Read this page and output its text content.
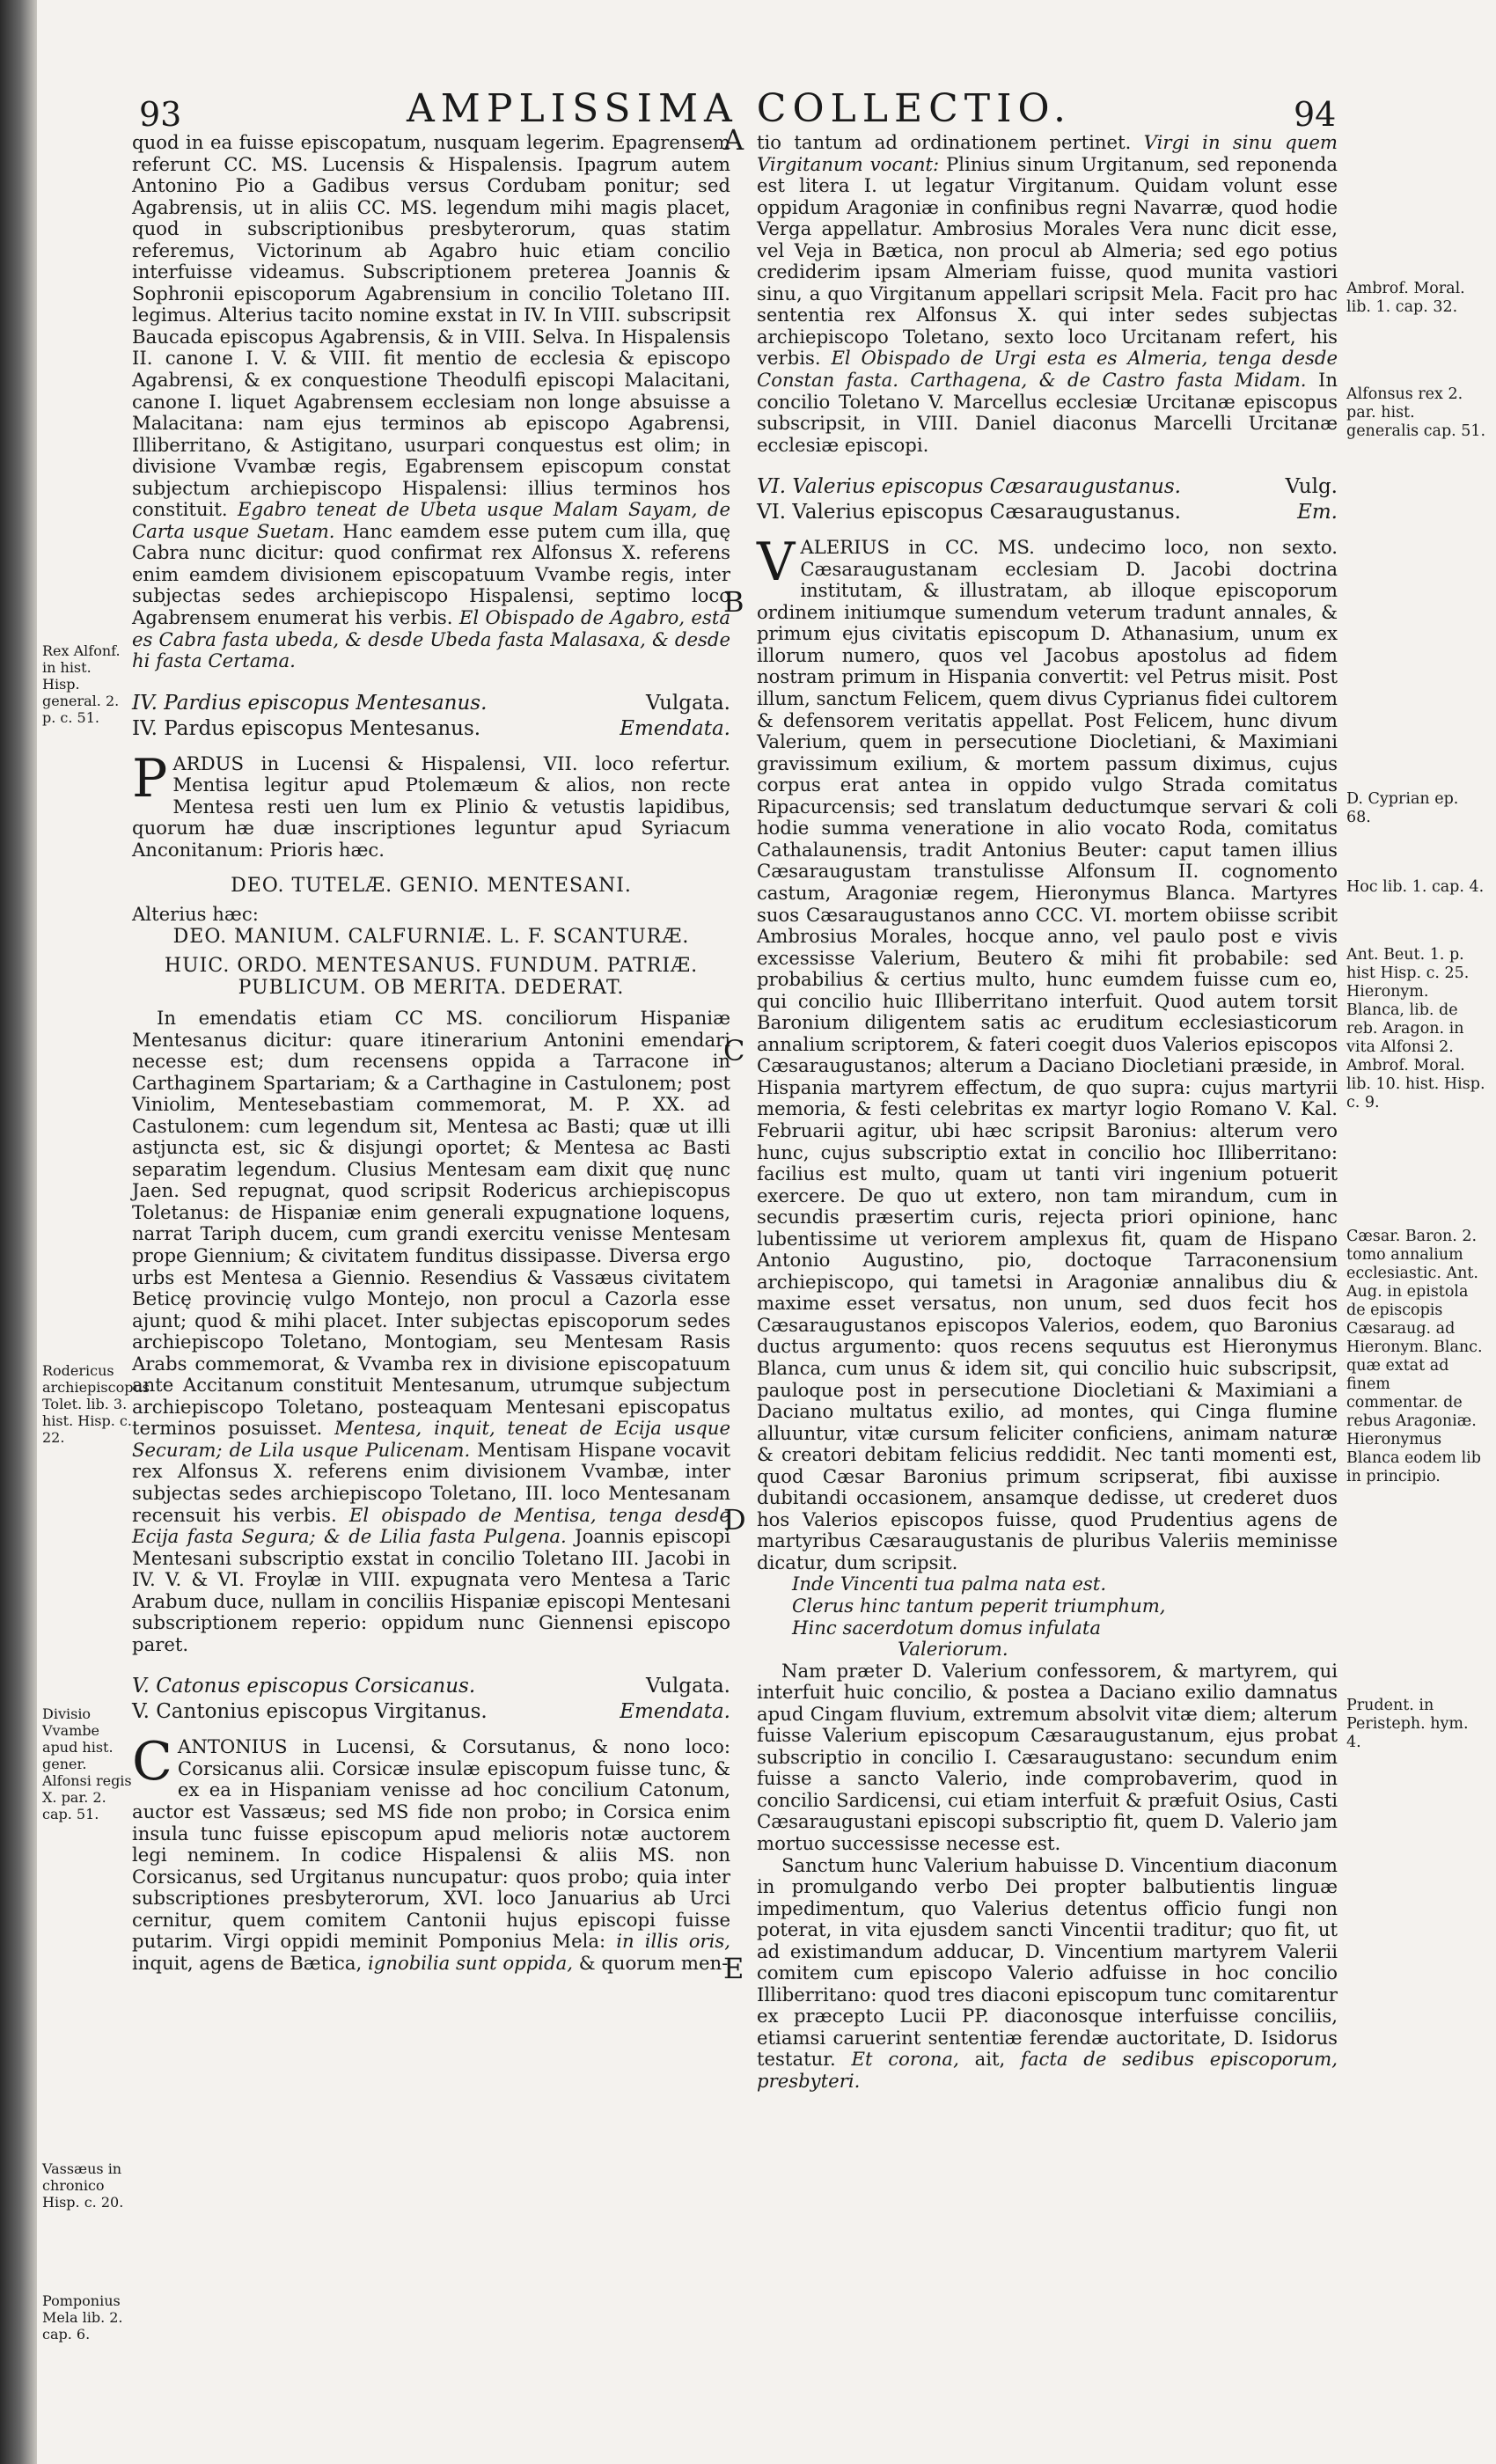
93	AMPLISSIMA COLLECTIO.	94
A
B
C
D
E

quod in ea fuisse episcopatum, nusquam legerim. Epagrensem referunt CC. MS. Lucensis & Hispalensis. Ipagrum autem Antonino Pio a Gadibus versus Cordubam ponitur; sed Agabrensis, ut in aliis CC. MS. legendum mihi magis placet, quod in subscriptionibus presbyterorum, quas statim referemus, Victorinum ab Agabro huic etiam concilio interfuisse videamus. Subscriptionem preterea Joannis & Sophronii episcoporum Agabrensium in concilio Toletano III. legimus. Alterius tacito nomine exstat in IV. In VIII. subscripsit Baucada episcopus Agabrensis, & in VIII. Selva. In Hispalensis II. canone I. V. & VIII. fit mentio de ecclesia & episcopo Agabrensi, & ex conquestione Theodulfi episcopi Malacitani, canone I. liquet Agabrensem ecclesiam non longe absuisse a Malacitana: nam ejus terminos ab episcopo Agabrensi, Illiberritano, & Astigitano, usurpari conquestus est olim; in divisione Vvambæ regis, Egabrensem episcopum constat subjectum archiepiscopo Hispalensi: illius terminos hos constituit. Egabro teneat de Ubeta usque Malam Sayam, de Carta usque Suetam. Hanc eamdem esse putem cum illa, quę Cabra nunc dicitur: quod confirmat rex Alfonsus X. referens enim eamdem divisionem episcopatuum Vvambe regis, inter subjectas sedes archiepiscopo Hispalensi, septimo loco Agabrensem enumerat his verbis. El Obispado de Agabro, esta es Cabra fasta ubeda, & desde Ubeda fasta Malasaxa, & desde hi fasta Certama.

IV. Pardius episcopus Mentesanus.	Vulgata.

IV. Pardus episcopus Mentesanus.	Emendata.

PARDUS in Lucensi & Hispalensi, VII. loco refertur. Mentisa legitur apud Ptolemæum & alios, non recte Mentesa resti uen lum ex Plinio & vetustis lapidibus, quorum hæ duæ inscriptiones leguntur apud Syriacum Anconitanum: Prioris hæc.

DEO. TUTELÆ. GENIO. MENTESANI.

Alterius hæc:

DEO. MANIUM. CALFURNIÆ. L. F. SCANTURÆ.

HUIC. ORDO. MENTESANUS. FUNDUM. PATRIÆ. PUBLICUM. OB MERITA. DEDERAT.

In emendatis etiam CC MS. conciliorum Hispaniæ Mentesanus dicitur: quare itinerarium Antonini emendari necesse est; dum recensens oppida a Tarracone in Carthaginem Spartariam; & a Carthagine in Castulonem; post Viniolim, Mentesebastiam commemorat, M. P. XX. ad Castulonem: cum legendum sit, Mentesa ac Basti; quæ ut illi astjuncta est, sic & disjungi oportet; & Mentesa ac Basti separatim legendum. Clusius Mentesam eam dixit quę nunc Jaen. Sed repugnat, quod scripsit Rodericus archiepiscopus Toletanus: de Hispaniæ enim generali expugnatione loquens, narrat Tariph ducem, cum grandi exercitu venisse Mentesam prope Giennium; & civitatem funditus dissipasse. Diversa ergo urbs est Mentesa a Giennio. Resendius & Vassæus civitatem Beticę provincię vulgo Montejo, non procul a Cazorla esse ajunt; quod & mihi placet. Inter subjectas episcoporum sedes archiepiscopo Toletano, Montogiam, seu Mentesam Rasis Arabs commemorat, & Vvamba rex in divisione episcopatuum ante Accitanum constituit Mentesanum, utrumque subjectum archiepiscopo Toletano, posteaquam Mentesani episcopatus terminos posuisset. Mentesa, inquit, teneat de Ecija usque Securam; de Lila usque Pulicenam. Mentisam Hispane vocavit rex Alfonsus X. referens enim divisionem Vvambæ, inter subjectas sedes archiepiscopo Toletano, III. loco Mentesanam recensuit his verbis. El obispado de Mentisa, tenga desde Ecija fasta Segura; & de Lilia fasta Pulgena. Joannis episcopi Mentesani subscriptio exstat in concilio Toletano III. Jacobi in IV. V. & VI. Froylæ in VIII. expugnata vero Mentesa a Taric Arabum duce, nullam in conciliis Hispaniæ episcopi Mentesani subscriptionem reperio: oppidum nunc Giennensi episcopo paret.

V. Catonus episcopus Corsicanus.	Vulgata.

V. Cantonius episcopus Virgitanus.	Emendata.

CANTONIUS in Lucensi, & Corsutanus, & nono loco: Corsicanus alii. Corsicæ insulæ episcopum fuisse tunc, & ex ea in Hispaniam venisse ad hoc concilium Catonum, auctor est Vassæus; sed MS fide non probo; in Corsica enim insula tunc fuisse episcopum apud melioris notæ auctorem legi neminem. In codice Hispalensi & aliis MS. non Corsicanus, sed Urgitanus nuncupatur: quos probo; quia inter subscriptiones presbyterorum, XVI. loco Januarius ab Urci cernitur, quem comitem Cantonii hujus episcopi fuisse putarim. Virgi oppidi meminit Pomponius Mela: in illis oris, inquit, agens de Bætica, ignobilia sunt oppida, & quorum men-

tio tantum ad ordinationem pertinet. Virgi in sinu quem Virgitanum vocant: Plinius sinum Urgitanum, sed reponenda est litera I. ut legatur Virgitanum. Quidam volunt esse oppidum Aragoniæ in confinibus regni Navarræ, quod hodie Verga appellatur. Ambrosius Morales Vera nunc dicit esse, vel Veja in Bætica, non procul ab Almeria; sed ego potius crediderim ipsam Almeriam fuisse, quod munita vastiori sinu, a quo Virgitanum appellari scripsit Mela. Facit pro hac sententia rex Alfonsus X. qui inter sedes subjectas archiepiscopo Toletano, sexto loco Urcitanam refert, his verbis. El Obispado de Urgi esta es Almeria, tenga desde Constan fasta. Carthagena, & de Castro fasta Midam. In concilio Toletano V. Marcellus ecclesiæ Urcitanæ episcopus subscripsit, in VIII. Daniel diaconus Marcelli Urcitanæ ecclesiæ episcopi.

VI. Valerius episcopus Cæsaraugustanus.	Vulg.

VI. Valerius episcopus Cæsaraugustanus.	Em.

VALERIUS in CC. MS. undecimo loco, non sexto. Cæsaraugustanam ecclesiam D. Jacobi doctrina institutam, & illustratam, ab illoque episcoporum ordinem initiumque sumendum veterum tradunt annales, & primum ejus civitatis episcopum D. Athanasium, unum ex illorum numero, quos vel Jacobus apostolus ad fidem nostram primum in Hispania convertit: vel Petrus misit. Post illum, sanctum Felicem, quem divus Cyprianus fidei cultorem & defensorem veritatis appellat. Post Felicem, hunc divum Valerium, quem in persecutione Diocletiani, & Maximiani gravissimum exilium, & mortem passum diximus, cujus corpus erat antea in oppido vulgo Strada comitatus Ripacurcensis; sed translatum deductumque servari & coli hodie summa veneratione in alio vocato Roda, comitatus Cathalaunensis, tradit Antonius Beuter: caput tamen illius Cæsaraugustam transtulisse Alfonsum II. cognomento castum, Aragoniæ regem, Hieronymus Blanca. Martyres suos Cæsaraugustanos anno CCC. VI. mortem obiisse scribit Ambrosius Morales, hocque anno, vel paulo post e vivis excessisse Valerium, Beutero & mihi fit probabile: sed probabilius & certius multo, hunc eumdem fuisse cum eo, qui concilio huic Illiberritano interfuit. Quod autem torsit Baronium diligentem satis ac eruditum ecclesiasticorum annalium scriptorem, & fateri coegit duos Valerios episcopos Cæsaraugustanos; alterum a Daciano Diocletiani præside, in Hispania martyrem effectum, de quo supra: cujus martyrii memoria, & festi celebritas ex martyr logio Romano V. Kal. Februarii agitur, ubi hæc scripsit Baronius: alterum vero hunc, cujus subscriptio extat in concilio hoc Illiberritano: facilius est multo, quam ut tanti viri ingenium potuerit exercere. De quo ut extero, non tam mirandum, cum in secundis præsertim curis, rejecta priori opinione, hanc lubentissime ut veriorem amplexus fit, quam de Hispano Antonio Augustino, pio, doctoque Tarraconensium archiepiscopo, qui tametsi in Aragoniæ annalibus diu & maxime esset versatus, non unum, sed duos fecit hos Cæsaraugustanos episcopos Valerios, eodem, quo Baronius ductus argumento: quos recens sequutus est Hieronymus Blanca, cum unus & idem sit, qui concilio huic subscripsit, pauloque post in persecutione Diocletiani & Maximiani a Daciano multatus exilio, ad montes, qui Cinga flumine alluuntur, vitæ cursum feliciter conficiens, animam naturæ & creatori debitam felicius reddidit. Nec tanti momenti est, quod Cæsar Baronius primum scripserat, fibi auxisse dubitandi occasionem, ansamque dedisse, ut crederet duos hos Valerios episcopos fuisse, quod Prudentius agens de martyribus Cæsaraugustanis de pluribus Valeriis meminisse dicatur, dum scripsit.

Inde Vincenti tua palma nata est.

Clerus hinc tantum peperit triumphum,

Hinc sacerdotum domus infulata

Valeriorum.

Nam præter D. Valerium confessorem, & martyrem, qui interfuit huic concilio, & postea a Daciano exilio damnatus apud Cingam fluvium, extremum absolvit vitæ diem; alterum fuisse Valerium episcopum Cæsaraugustanum, ejus probat subscriptio in concilio I. Cæsaraugustano: secundum enim fuisse a sancto Valerio, inde comprobaverim, quod in concilio Sardicensi, cui etiam interfuit & præfuit Osius, Casti Cæsaraugustani episcopi subscriptio fit, quem D. Valerio jam mortuo successisse necesse est.

Sanctum hunc Valerium habuisse D. Vincentium diaconum in promulgando verbo Dei propter balbutientis linguæ impedimentum, quo Valerius detentus officio fungi non poterat, in vita ejusdem sancti Vincentii traditur; quo fit, ut ad existimandum adducar, D. Vincentium martyrem Valerii comitem cum episcopo Valerio adfuisse in hoc concilio Illiberritano: quod tres diaconi episcopum tunc comitarentur ex præcepto Lucii PP. diaconosque interfuisse conciliis, etiamsi caruerint sententiæ ferendæ auctoritate, D. Isidorus testatur. Et corona, ait, facta de sedibus episcoporum, presbyteri.

Rex Alfonf. in hist. Hisp. general. 2. p. c. 51.
Rodericus archiepiscopus Tolet. lib. 3. hist. Hisp. c. 22.
Divisio Vvambe apud hist. gener. Alfonsi regis X. par. 2. cap. 51.
Vassæus in chronico Hisp. c. 20.
Pomponius Mela lib. 2. cap. 6.
Ambrof. Moral. lib. 1. cap. 32.
Alfonsus rex 2. par. hist. generalis cap. 51.
D. Cyprian ep. 68.
Hoc lib. 1. cap. 4.
Ant. Beut. 1. p. hist Hisp. c. 25. Hieronym. Blanca, lib. de reb. Aragon. in vita Alfonsi 2. Ambrof. Moral. lib. 10. hist. Hisp. c. 9.
Cæsar. Baron. 2. tomo annalium ecclesiastic. Ant. Aug. in epistola de episcopis Cæsaraug. ad Hieronym. Blanc. quæ extat ad finem commentar. de rebus Aragoniæ. Hieronymus Blanca eodem lib in principio.
Prudent. in Peristeph. hym. 4.
